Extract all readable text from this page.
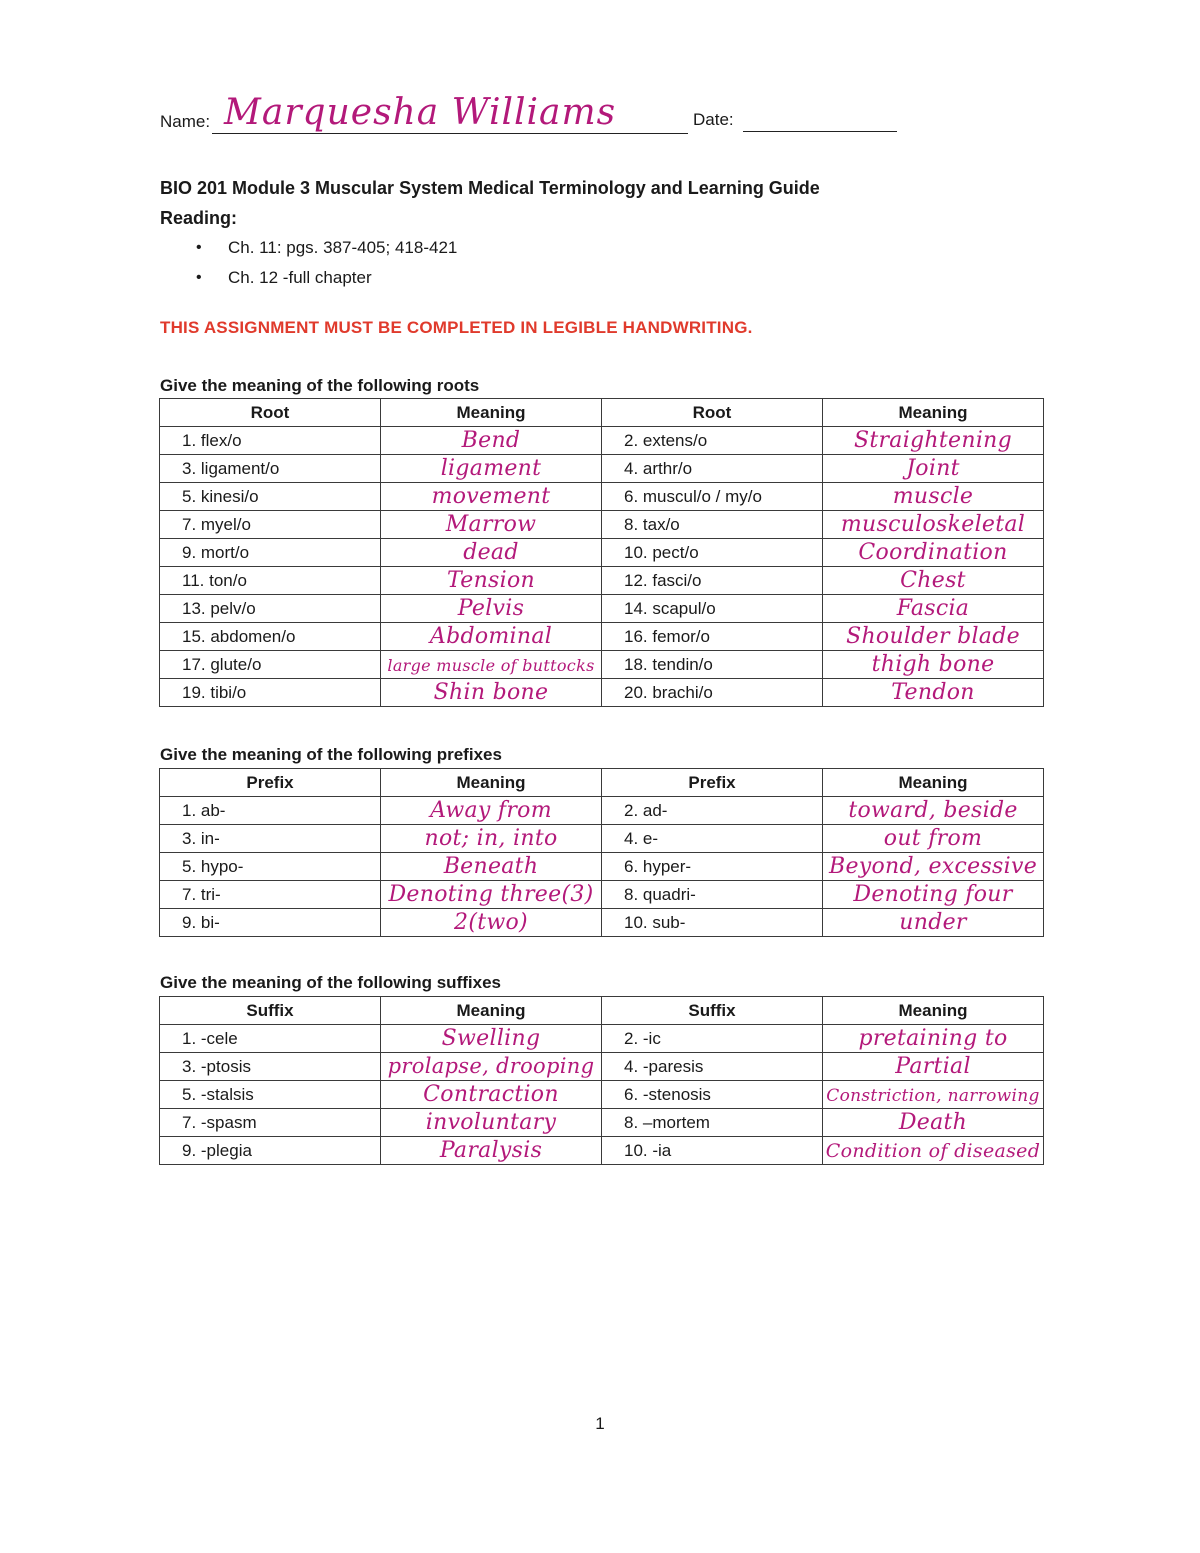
Name: Marquesha Williams	Date:
BIO 201 Module 3 Muscular System Medical Terminology and Learning Guide
Reading:
• Ch. 11: pgs. 387-405; 418-421
• Ch. 12 -full chapter
THIS ASSIGNMENT MUST BE COMPLETED IN LEGIBLE HANDWRITING.
Give the meaning of the following roots
Root	Meaning	Root	Meaning
1. flex/o	Bend	2. extens/o	Straightening
3. ligament/o	ligament	4. arthr/o	Joint
5. kinesi/o	movement	6. muscul/o / my/o	muscle
7. myel/o	Marrow	8. tax/o	musculoskeletal
9. mort/o	dead	10. pect/o	Coordination
11. ton/o	Tension	12. fasci/o	Chest
13. pelv/o	Pelvis	14. scapul/o	Fascia
15. abdomen/o	Abdominal	16. femor/o	Shoulder blade
17. glute/o	large muscle of buttocks	18. tendin/o	thigh bone
19. tibi/o	Shin bone	20. brachi/o	Tendon
Give the meaning of the following prefixes
Prefix	Meaning	Prefix	Meaning
1. ab-	Away from	2. ad-	toward, beside
3. in-	not; in, into	4. e-	out from
5. hypo-	Beneath	6. hyper-	Beyond, excessive
7. tri-	Denoting three(3)	8. quadri-	Denoting four
9. bi-	2(two)	10. sub-	under
Give the meaning of the following suffixes
Suffix	Meaning	Suffix	Meaning
1. -cele	Swelling	2. -ic	pretaining to
3. -ptosis	prolapse, drooping	4. -paresis	Partial
5. -stalsis	Contraction	6. -stenosis	Constriction, narrowing
7. -spasm	involuntary	8. –mortem	Death
9. -plegia	Paralysis	10. -ia	Condition of diseased
1
